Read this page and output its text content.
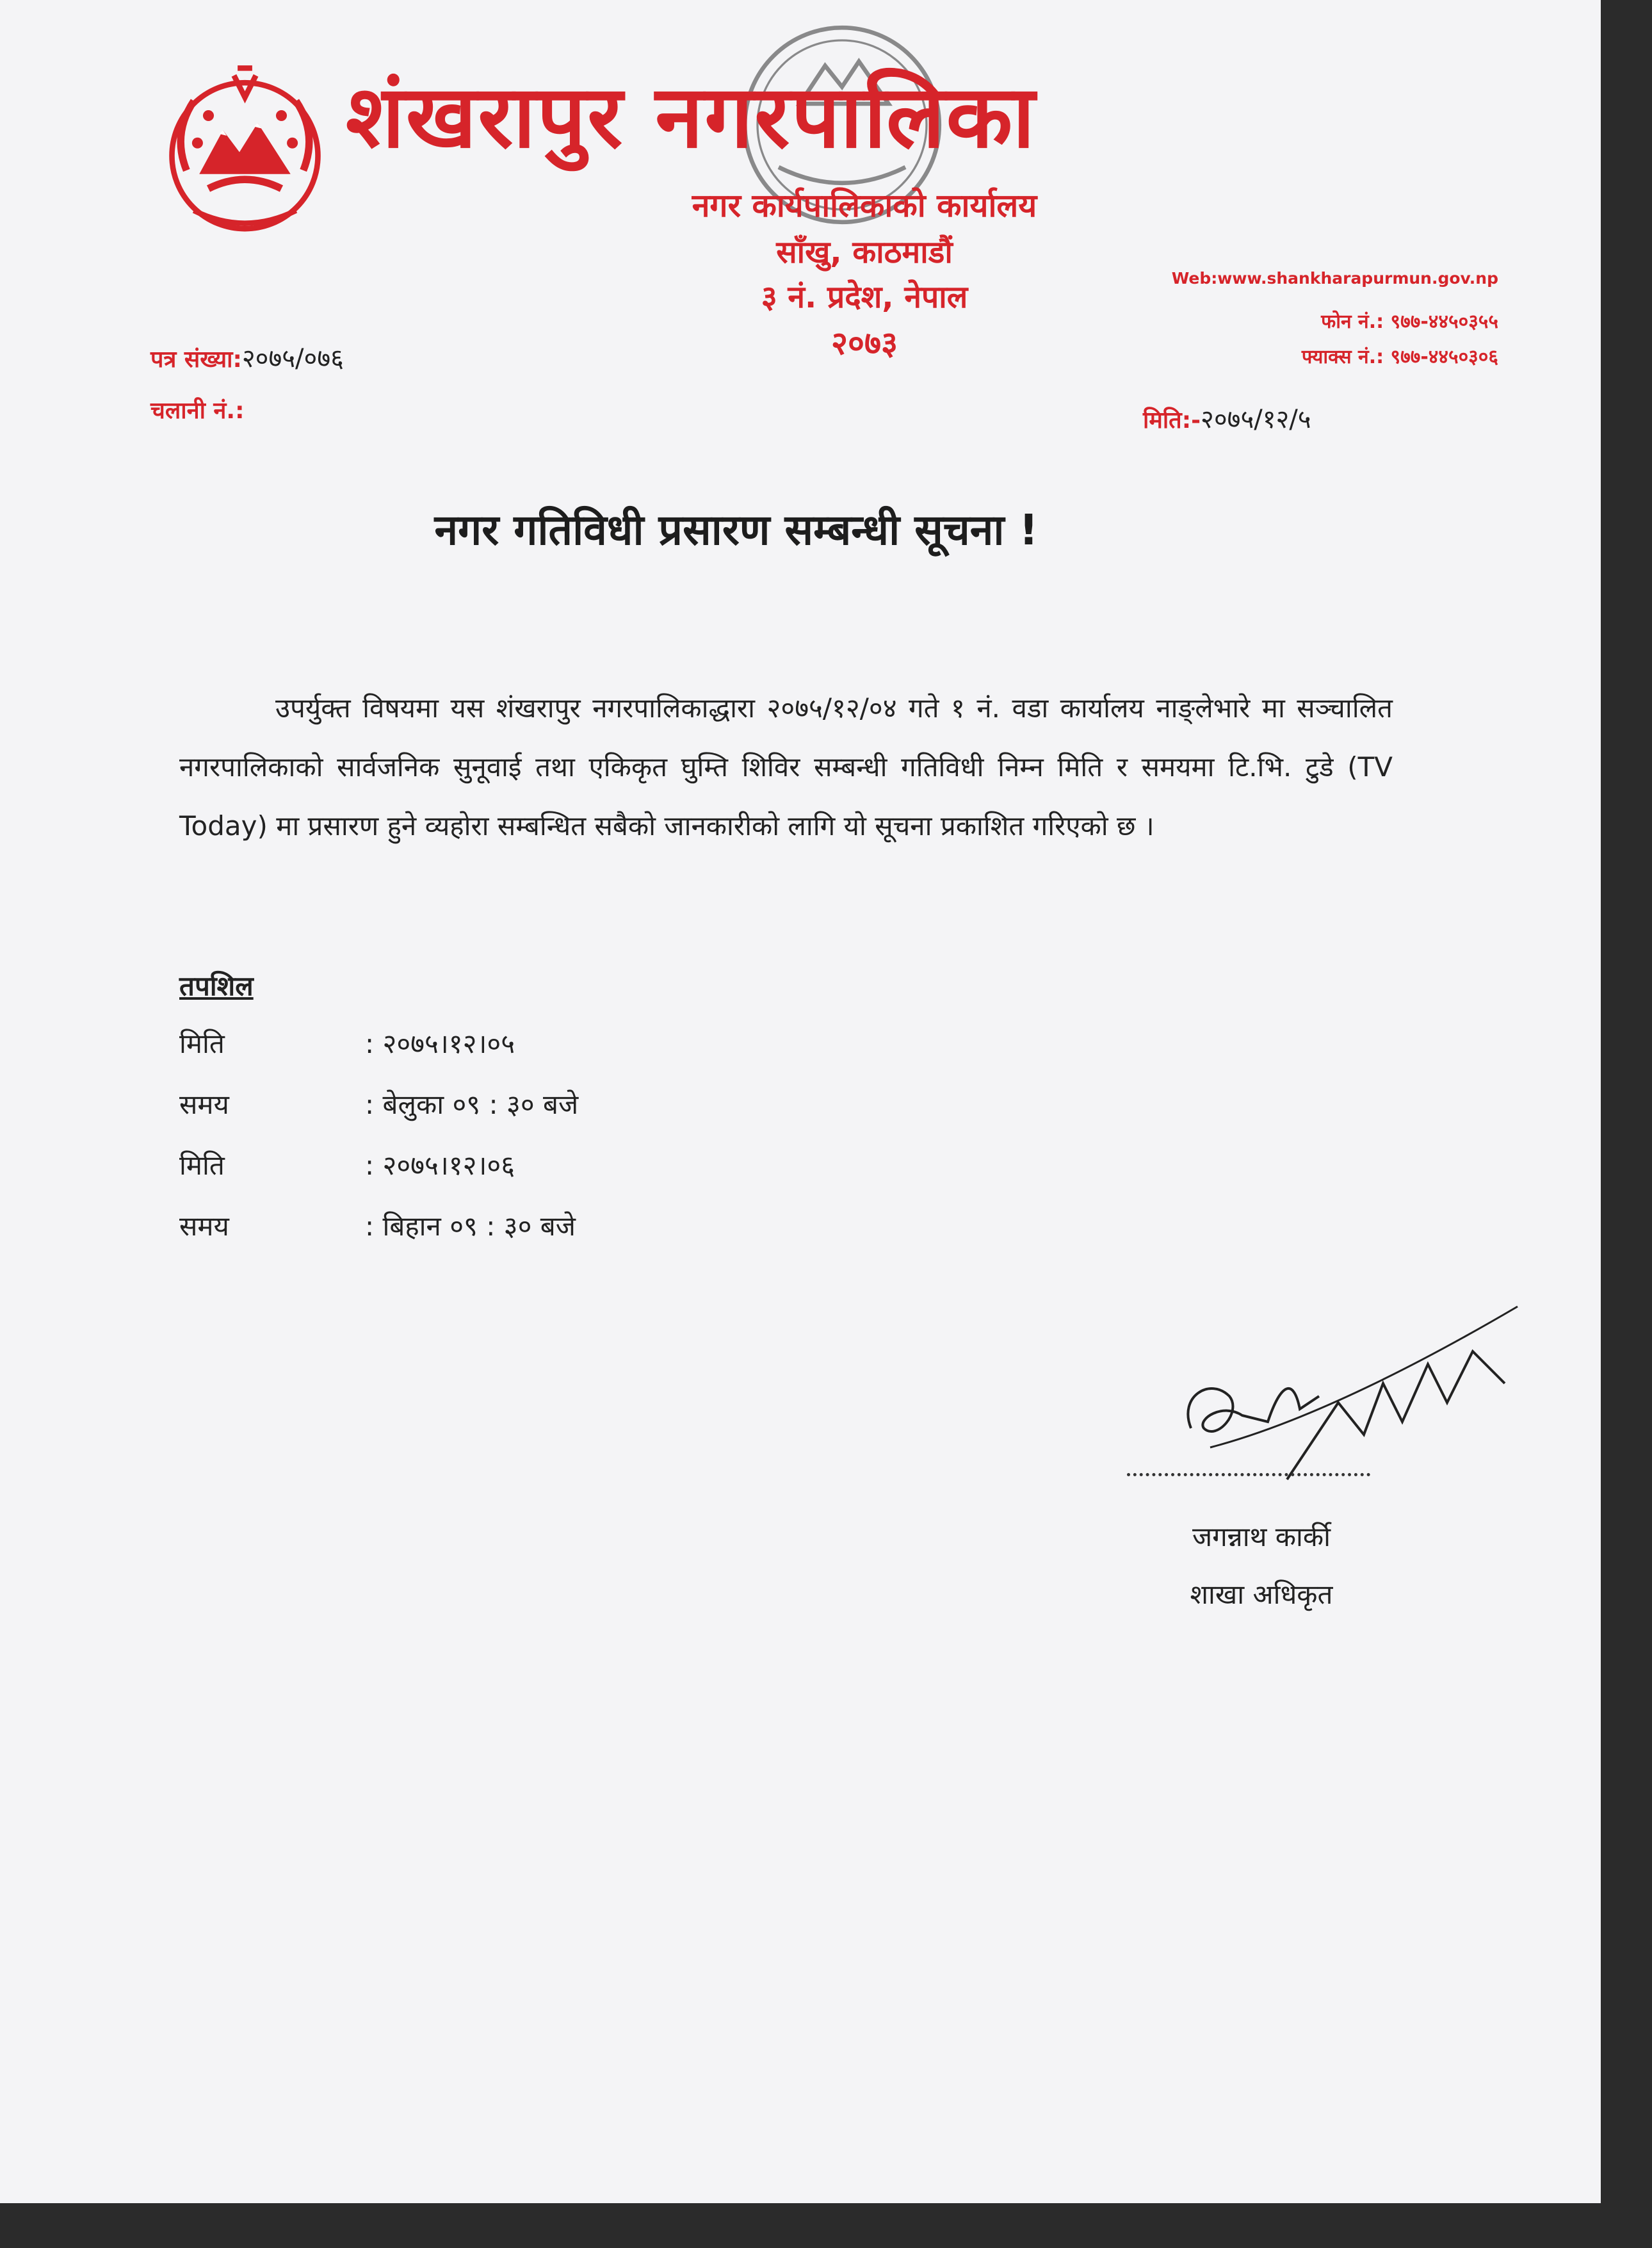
शंखरापुर नगरपालिका
नगर कार्यपालिकाको कार्यालय
साँखु, काठमाडौं
३ नं. प्रदेश, नेपाल
२०७३
Web:www.shankharapurmun.gov.np
फोन नं.: ९७७-४४५०३५५
फ्याक्स नं.: ९७७-४४५०३०६
पत्र संख्या:२०७५/०७६
चलानी नं.:	मिति:-२०७५/१२/५
नगर गतिविधी प्रसारण सम्बन्धी सूचना !
उपर्युक्त विषयमा यस शंखरापुर नगरपालिकाद्धारा २०७५/१२/०४ गते १ नं. वडा कार्यालय नाङ्लेभारे मा सञ्चालित नगरपालिकाको सार्वजनिक सुनूवाई तथा एकिकृत घुम्ति शिविर सम्बन्धी गतिविधी निम्न मिति र समयमा टि.भि. टुडे (TV Today) मा प्रसारण हुने व्यहोरा सम्बन्धित सबैको जानकारीको लागि यो सूचना प्रकाशित गरिएको छ ।
तपशिल
मिति	: २०७५।१२।०५
समय	: बेलुका ०९ : ३० बजे
मिति	: २०७५।१२।०६
समय	: बिहान ०९ : ३० बजे
जगन्नाथ कार्की
शाखा अधिकृत
